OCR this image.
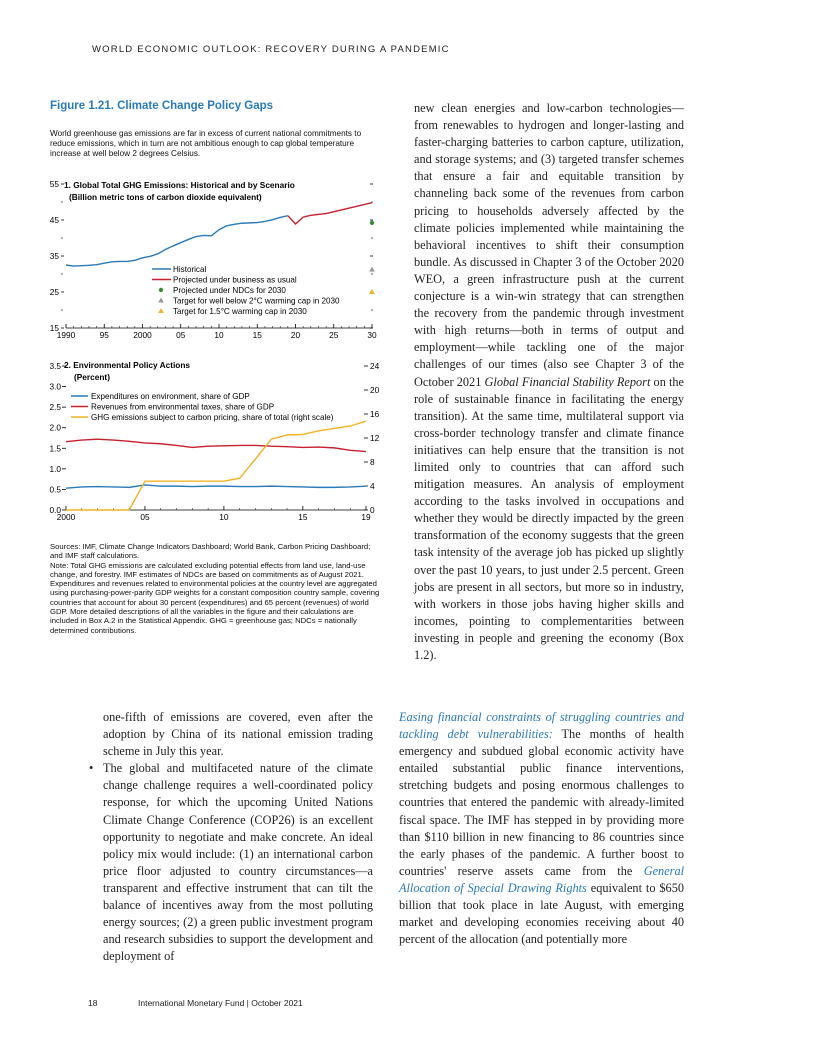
WORLD ECONOMIC OUTLOOK: RECOVERY DURING A PANDEMIC
Figure 1.21. Climate Change Policy Gaps
World greenhouse gas emissions are far in excess of current national commitments to reduce emissions, which in turn are not ambitious enough to cap global temperature increase at well below 2 degrees Celsius.
1. Global Total GHG Emissions: Historical and by Scenario
(Billion metric tons of carbon dioxide equivalent)
15
25
35
45
55
1990	95	2000	05	10	15	20	25	30
Historical
Projected under business as usual
Projected under NDCs for 2030
Target for well below 2°C warming cap in 2030
Target for 1.5°C warming cap in 2030
2. Environmental Policy Actions
(Percent)
0.0
0.5
1.0
1.5
2.0
2.5
3.0
3.5
0
4
8
12
16
20
24
2000	05	10	15	19
Expenditures on environment, share of GDP
Revenues from environmental taxes, share of GDP
GHG emissions subject to carbon pricing, share of total (right scale)
Sources: IMF, Climate Change Indicators Dashboard; World Bank, Carbon Pricing Dashboard; and IMF staff calculations.
Note: Total GHG emissions are calculated excluding potential effects from land use, land-use change, and forestry. IMF estimates of NDCs are based on commitments as of August 2021. Expenditures and revenues related to environmental policies at the country level are aggregated using purchasing-power-parity GDP weights for a constant composition country sample, covering countries that account for about 30 percent (expenditures) and 65 percent (revenues) of world GDP. More detailed descriptions of all the variables in the figure and their calculations are included in Box A.2 in the Statistical Appendix. GHG = greenhouse gas; NDCs = nationally determined contributions.
new clean energies and low-carbon technologies—from renewables to hydrogen and longer-lasting and faster-charging batteries to carbon capture, utilization, and storage systems; and (3) targeted transfer schemes that ensure a fair and equitable transition by channeling back some of the revenues from carbon pricing to households adversely affected by the climate policies implemented while maintaining the behavioral incentives to shift their consumption bundle. As discussed in Chapter 3 of the October 2020 WEO, a green infrastructure push at the current conjecture is a win-win strategy that can strengthen the recovery from the pandemic through investment with high returns—both in terms of output and employment—while tackling one of the major challenges of our times (also see Chapter 3 of the October 2021 Global Financial Stability Report on the role of sustainable finance in facilitating the energy transition). At the same time, multilateral support via cross-border technology transfer and climate finance initiatives can help ensure that the transition is not limited only to countries that can afford such mitigation measures. An analysis of employment according to the tasks involved in occupations and whether they would be directly impacted by the green transformation of the economy suggests that the green task intensity of the average job has picked up slightly over the past 10 years, to just under 2.5 percent. Green jobs are present in all sectors, but more so in industry, with workers in those jobs having higher skills and incomes, pointing to complementarities between investing in people and greening the economy (Box 1.2).

one-fifth of emissions are covered, even after the adoption by China of its national emission trading scheme in July this year.

• The global and multifaceted nature of the climate change challenge requires a well-coordinated policy response, for which the upcoming United Nations Climate Change Conference (COP26) is an excellent opportunity to negotiate and make concrete. An ideal policy mix would include: (1) an international carbon price floor adjusted to country circumstances—a transparent and effective instrument that can tilt the balance of incentives away from the most polluting energy sources; (2) a green public investment program and research subsidies to support the development and deployment of

Easing financial constraints of struggling countries and tackling debt vulnerabilities: The months of health emergency and subdued global economic activity have entailed substantial public finance interventions, stretching budgets and posing enormous challenges to countries that entered the pandemic with already-limited fiscal space. The IMF has stepped in by providing more than $110 billion in new financing to 86 countries since the early phases of the pandemic. A further boost to countries' reserve assets came from the General Allocation of Special Drawing Rights equivalent to $650 billion that took place in late August, with emerging market and developing economies receiving about 40 percent of the allocation (and potentially more
18	International Monetary Fund | October 2021
